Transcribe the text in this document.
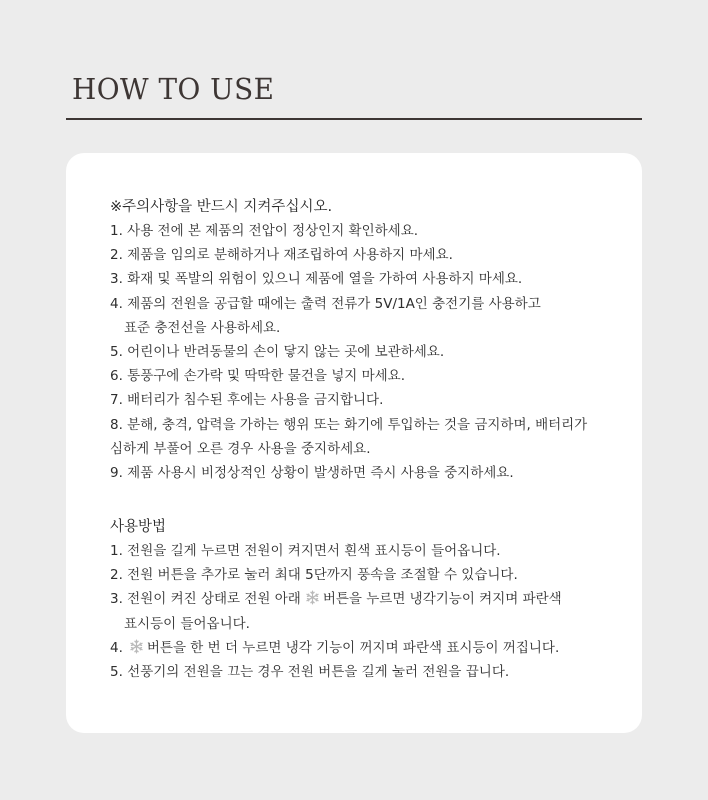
HOW TO USE
※주의사항을 반드시 지켜주십시오.
1. 사용 전에 본 제품의 전압이 정상인지 확인하세요.
2. 제품을 임의로 분해하거나 재조립하여 사용하지 마세요.
3. 화재 및 폭발의 위험이 있으니 제품에 열을 가하여 사용하지 마세요.
4. 제품의 전원을 공급할 때에는 출력 전류가 5V/1A인 충전기를 사용하고
표준 충전선을 사용하세요.
5. 어린이나 반려동물의 손이 닿지 않는 곳에 보관하세요.
6. 통풍구에 손가락 및 딱딱한 물건을 넣지 마세요.
7. 배터리가 침수된 후에는 사용을 금지합니다.
8. 분해, 충격, 압력을 가하는 행위 또는 화기에 투입하는 것을 금지하며, 배터리가
심하게 부풀어 오른 경우 사용을 중지하세요.
9. 제품 사용시 비정상적인 상황이 발생하면 즉시 사용을 중지하세요.
사용방법
1. 전원을 길게 누르면 전원이 켜지면서 흰색 표시등이 들어옵니다.
2. 전원 버튼을 추가로 눌러 최대 5단까지 풍속을 조절할 수 있습니다.
3. 전원이 켜진 상태로 전원 아래 버튼을 누르면 냉각기능이 켜지며 파란색
표시등이 들어옵니다.
4. 버튼을 한 번 더 누르면 냉각 기능이 꺼지며 파란색 표시등이 꺼집니다.
5. 선풍기의 전원을 끄는 경우 전원 버튼을 길게 눌러 전원을 끕니다.
